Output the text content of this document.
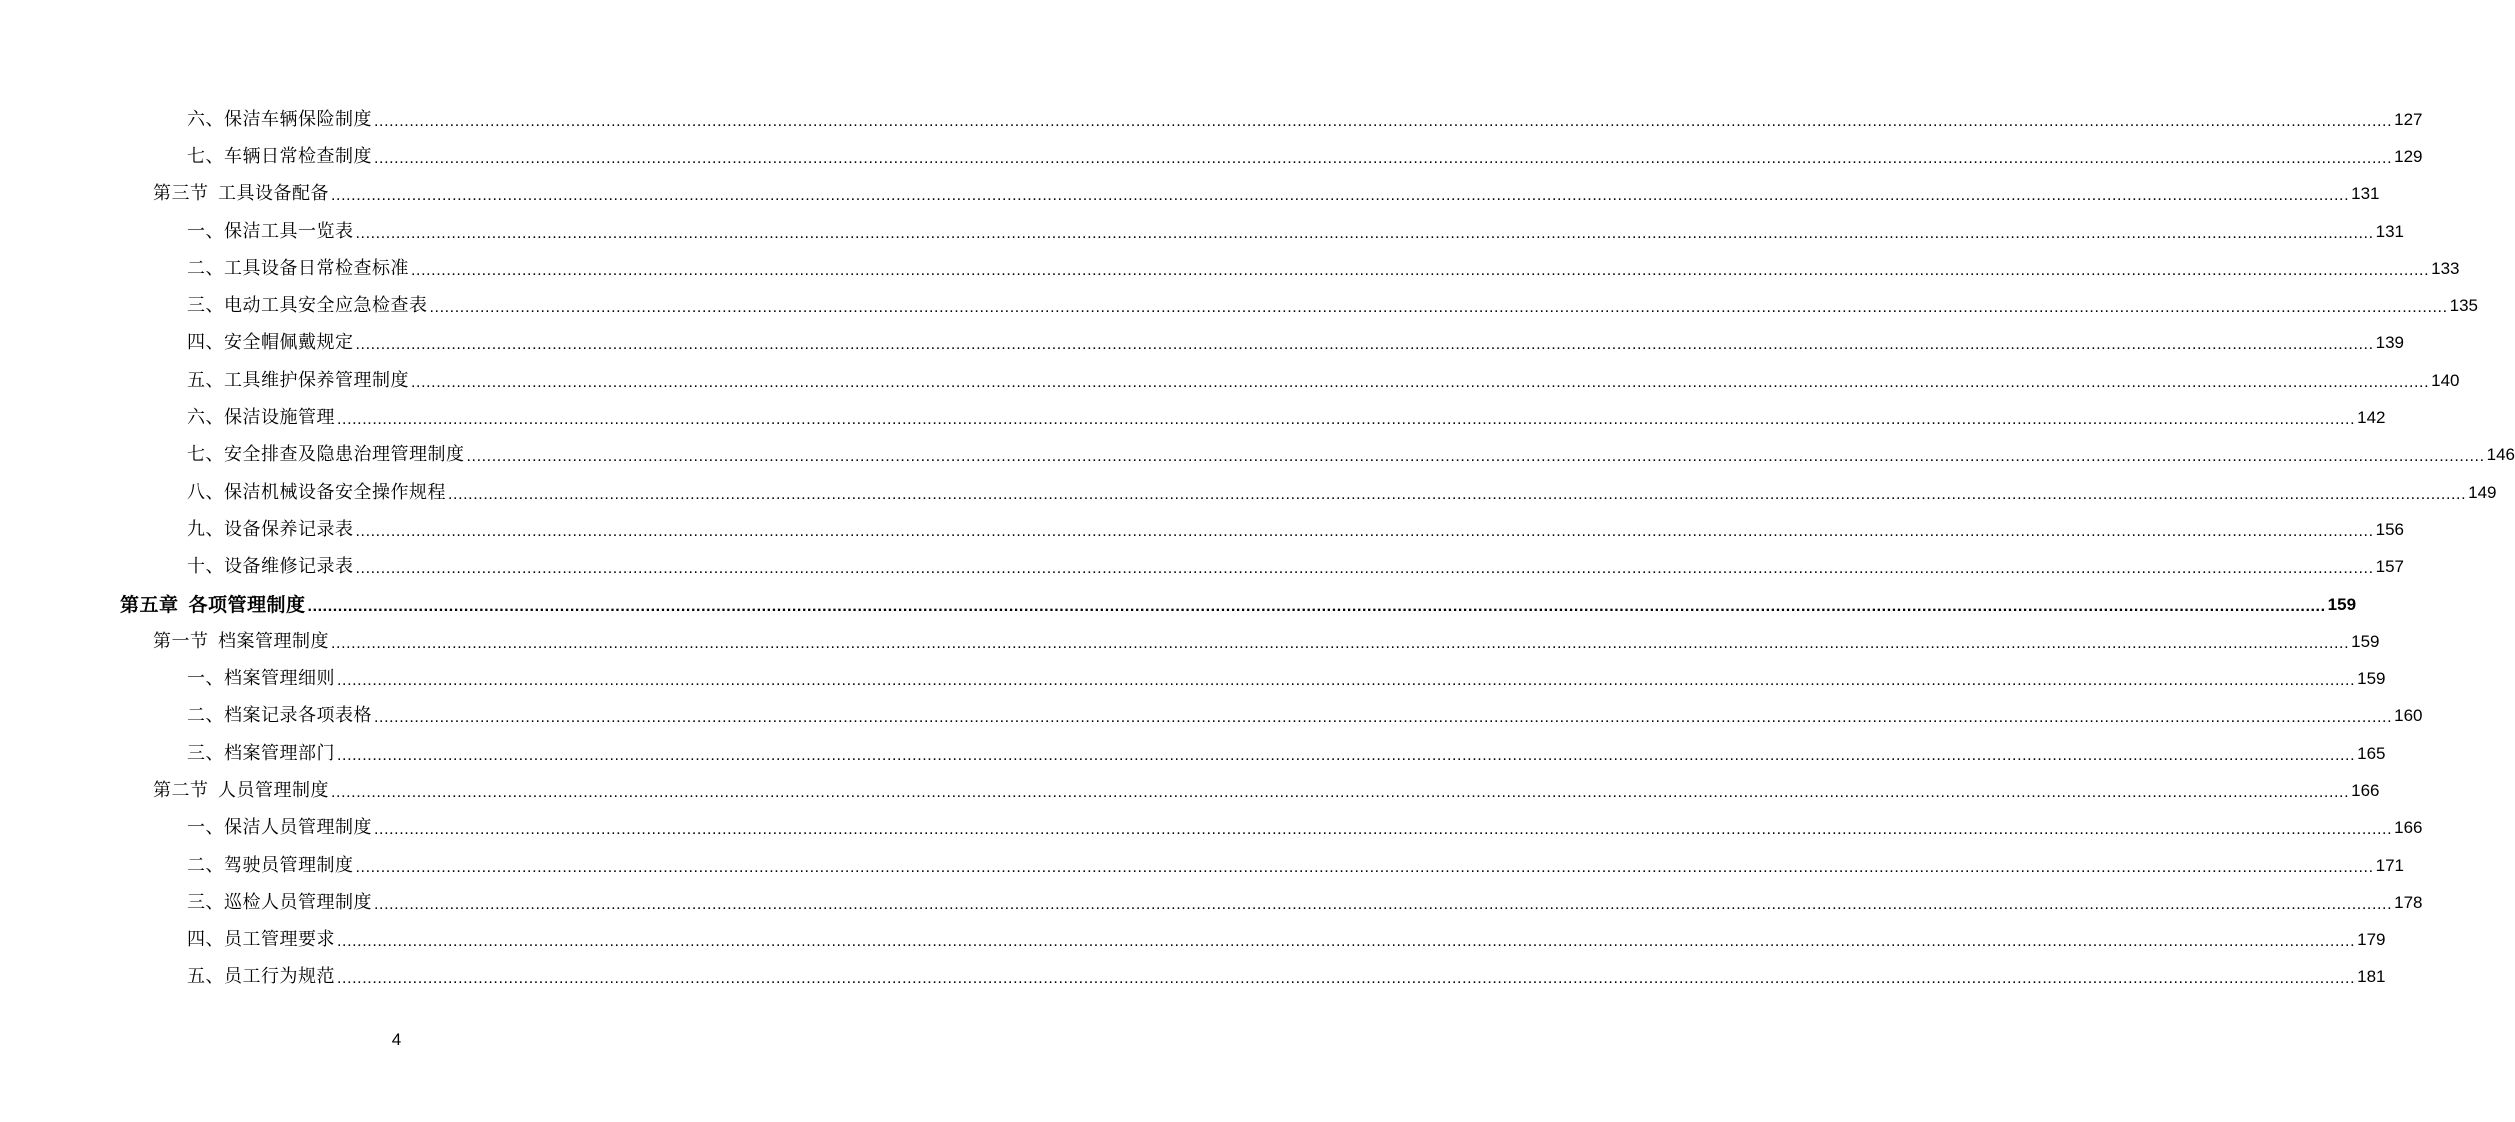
六、保洁车辆保险制度 ................................................................................................................................................................................................................................................................................................................................................................................................................ 127
七、车辆日常检查制度 ................................................................................................................................................................................................................................................................................................................................................................................................................ 129
第三节  工具设备配备 ................................................................................................................................................................................................................................................................................................................................................................................................................ 131
一、保洁工具一览表 ................................................................................................................................................................................................................................................................................................................................................................................................................ 131
二、工具设备日常检查标准 ................................................................................................................................................................................................................................................................................................................................................................................................................ 133
三、电动工具安全应急检查表 ................................................................................................................................................................................................................................................................................................................................................................................................................ 135
四、安全帽佩戴规定 ................................................................................................................................................................................................................................................................................................................................................................................................................ 139
五、工具维护保养管理制度 ................................................................................................................................................................................................................................................................................................................................................................................................................ 140
六、保洁设施管理 ................................................................................................................................................................................................................................................................................................................................................................................................................ 142
七、安全排查及隐患治理管理制度 ................................................................................................................................................................................................................................................................................................................................................................................................................ 146
八、保洁机械设备安全操作规程 ................................................................................................................................................................................................................................................................................................................................................................................................................ 149
九、设备保养记录表 ................................................................................................................................................................................................................................................................................................................................................................................................................ 156
十、设备维修记录表 ................................................................................................................................................................................................................................................................................................................................................................................................................ 157
第五章  各项管理制度 ................................................................................................................................................................................................................................................................................................................................................................................................................ 159
第一节  档案管理制度 ................................................................................................................................................................................................................................................................................................................................................................................................................ 159
一、档案管理细则 ................................................................................................................................................................................................................................................................................................................................................................................................................ 159
二、档案记录各项表格 ................................................................................................................................................................................................................................................................................................................................................................................................................ 160
三、档案管理部门 ................................................................................................................................................................................................................................................................................................................................................................................................................ 165
第二节  人员管理制度 ................................................................................................................................................................................................................................................................................................................................................................................................................ 166
一、保洁人员管理制度 ................................................................................................................................................................................................................................................................................................................................................................................................................ 166
二、驾驶员管理制度 ................................................................................................................................................................................................................................................................................................................................................................................................................ 171
三、巡检人员管理制度 ................................................................................................................................................................................................................................................................................................................................................................................................................ 178
四、员工管理要求 ................................................................................................................................................................................................................................................................................................................................................................................................................ 179
五、员工行为规范 ................................................................................................................................................................................................................................................................................................................................................................................................................ 181
4
